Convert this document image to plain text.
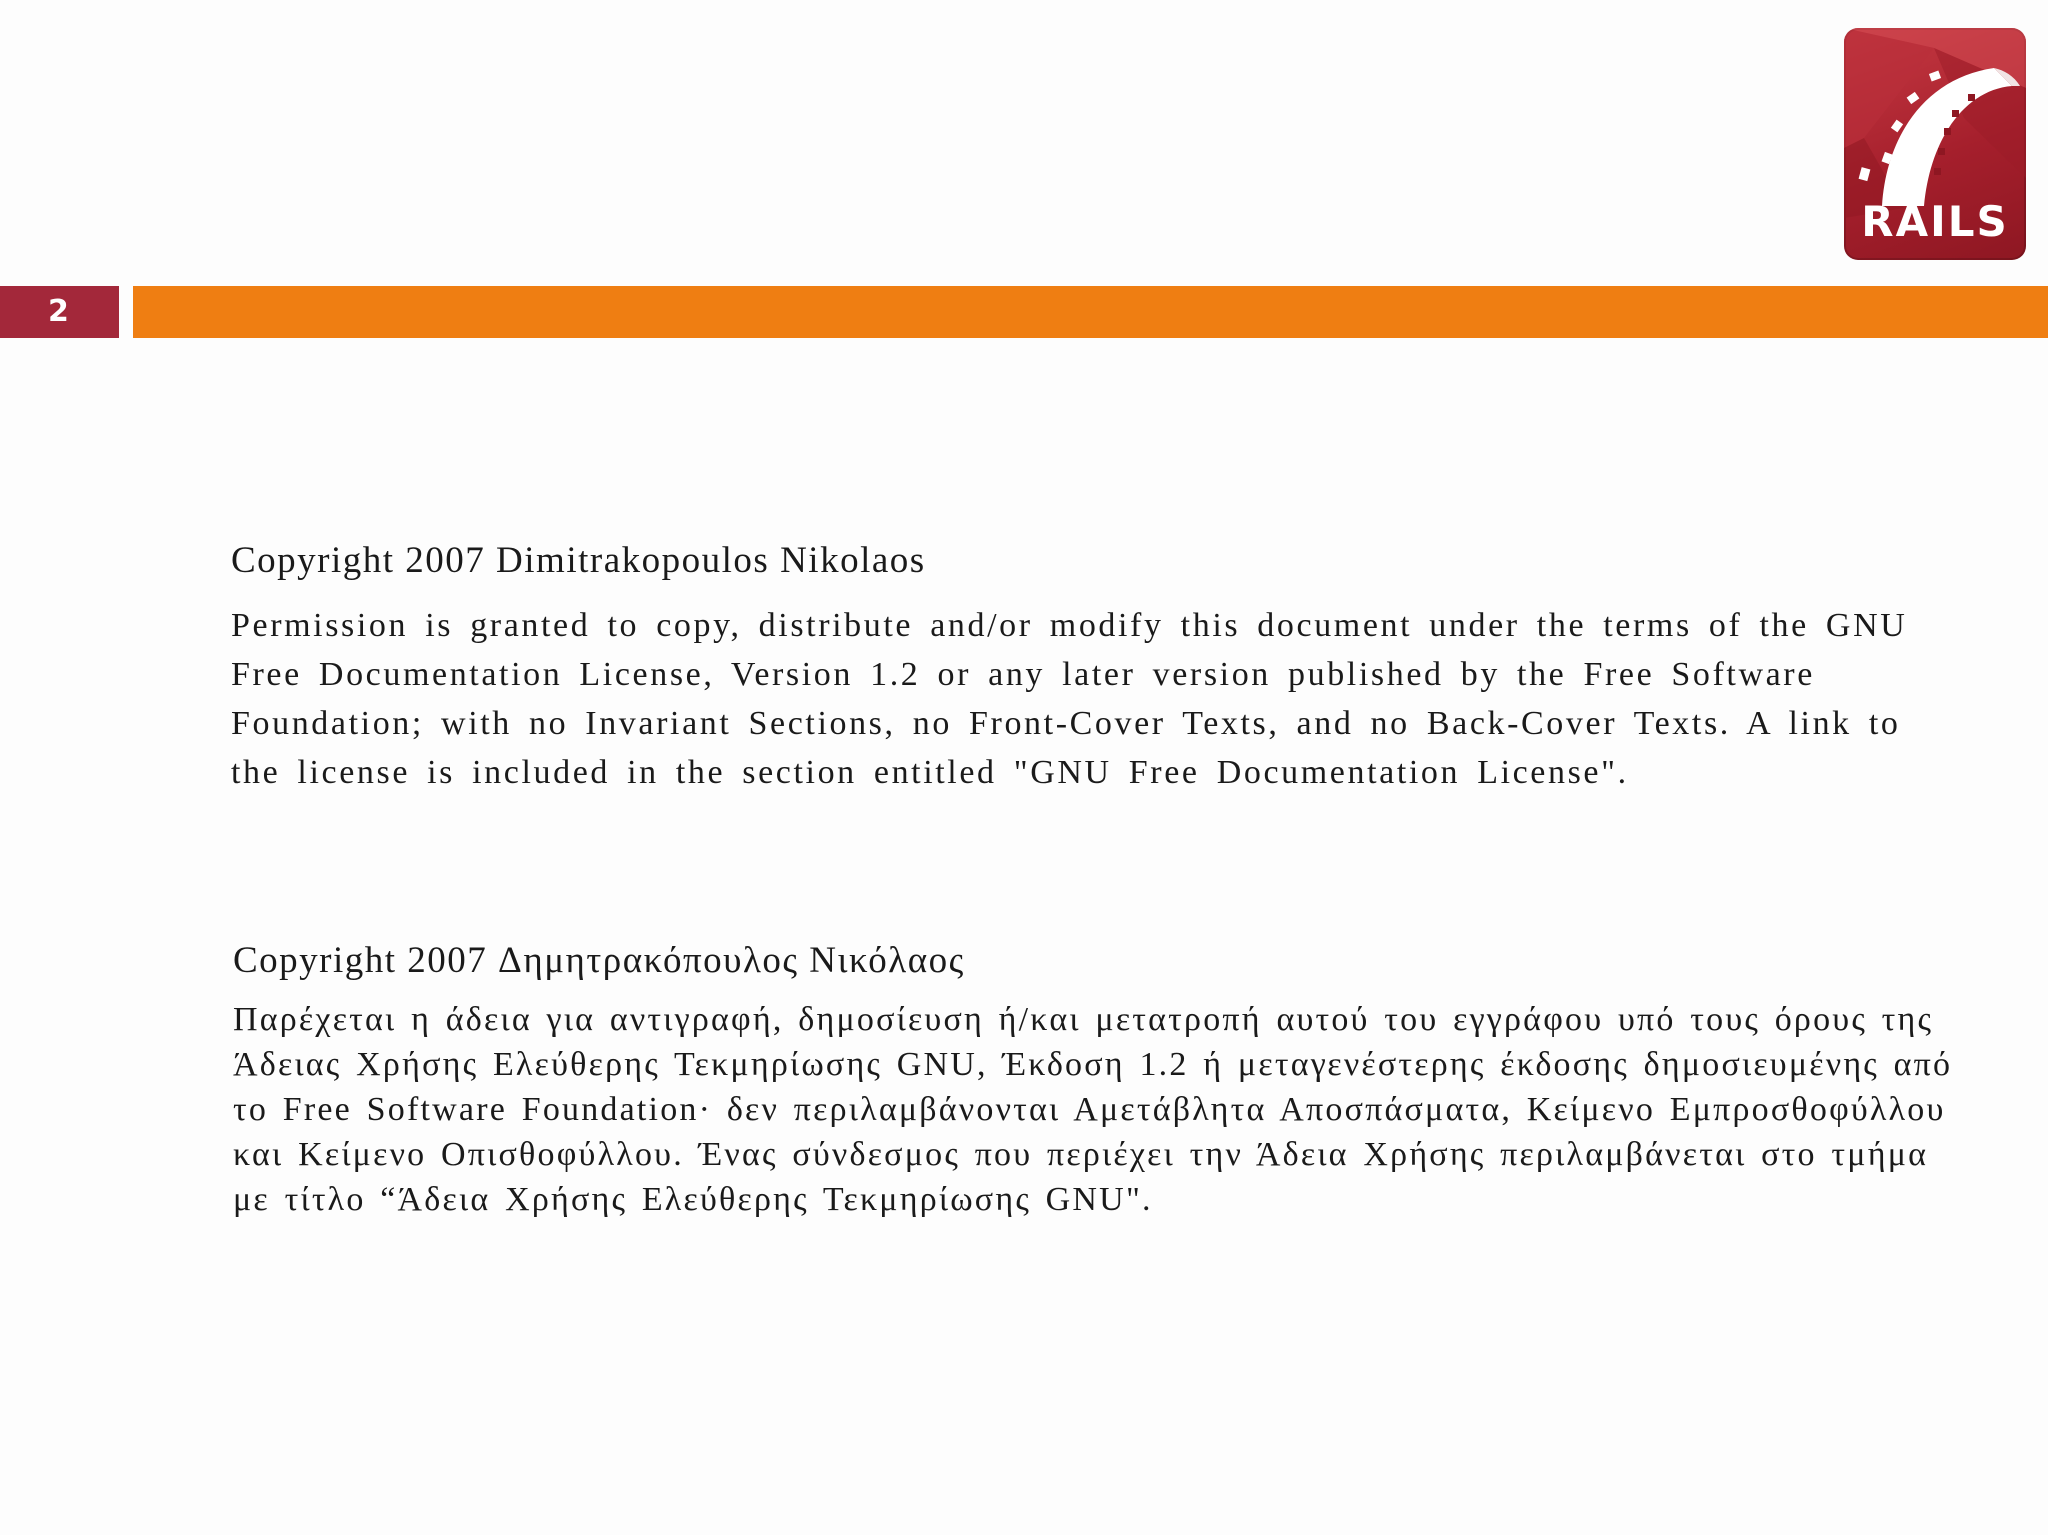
RAILS
2

Copyright 2007 Dimitrakopoulos Nikolaos

Permission is granted to copy, distribute and/or modify this document under the terms of the GNU Free Documentation License, Version 1.2 or any later version published by the Free Software Foundation; with no Invariant Sections, no Front-Cover Texts, and no Back-Cover Texts. A link to the license is included in the section entitled "GNU Free Documentation License".

Copyright 2007 Δημητρακόπουλος Νικόλαος

Παρέχεται η άδεια για αντιγραφή, δημοσίευση ή/και μετατροπή αυτού του εγγράφου υπό τους όρους της Άδειας Χρήσης Ελεύθερης Τεκμηρίωσης GNU, Έκδοση 1.2 ή μεταγενέστερης έκδοσης δημοσιευμένης από το Free Software Foundation· δεν περιλαμβάνονται Αμετάβλητα Αποσπάσματα, Κείμενο Εμπροσθοφύλλου και Κείμενο Οπισθοφύλλου. Ένας σύνδεσμος που περιέχει την Άδεια Χρήσης περιλαμβάνεται στο τμήμα με τίτλο “Άδεια Χρήσης Ελεύθερης Τεκμηρίωσης GNU".
